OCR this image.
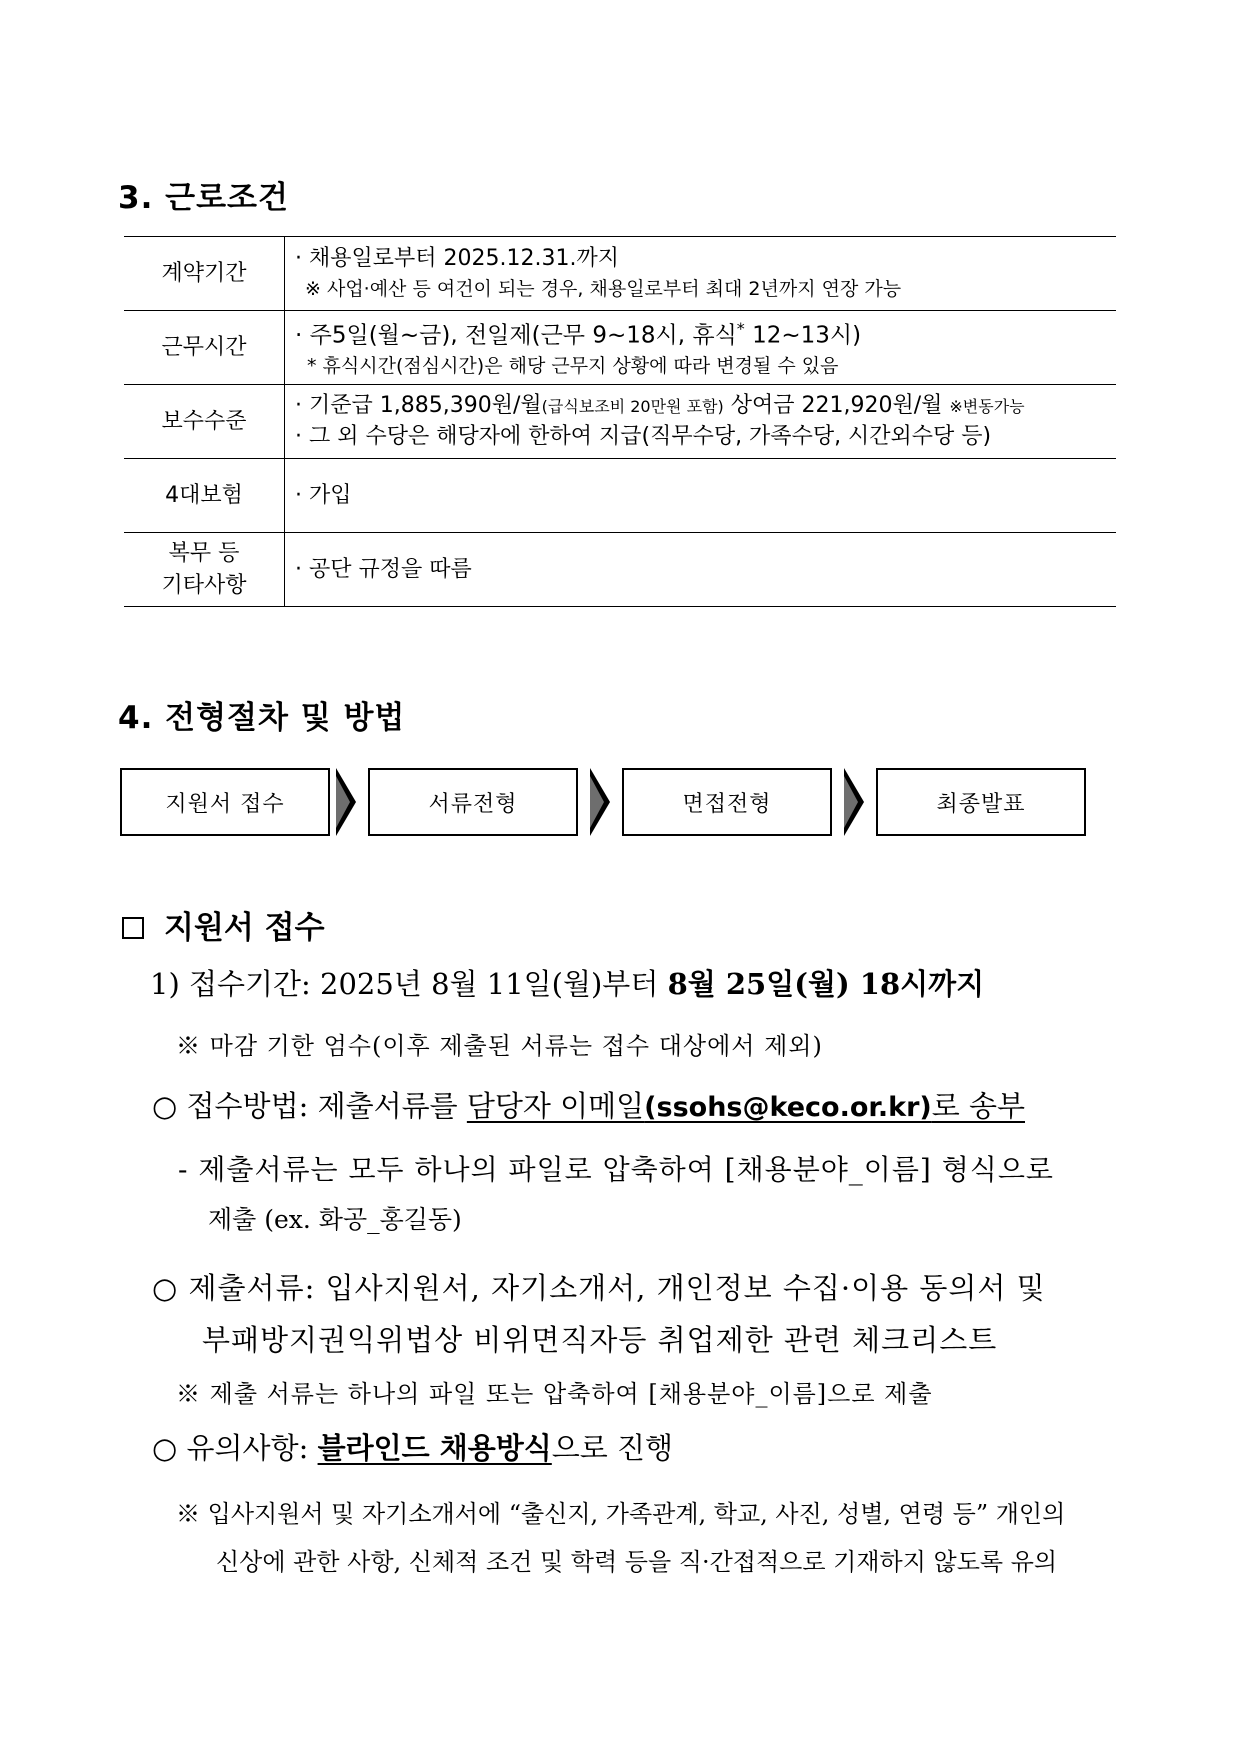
3. 근로조건
계약기간	· 채용일로부터 2025.12.31.까지
※ 사업·예산 등 여건이 되는 경우, 채용일로부터 최대 2년까지 연장 가능

근무시간	· 주5일(월~금), 전일제(근무 9~18시, 휴식* 12~13시)
* 휴식시간(점심시간)은 해당 근무지 상황에 따라 변경될 수 있음

보수수준	· 기준급 1,885,390원/월(급식보조비 20만원 포함) 상여금 221,920원/월 ※변동가능
· 그 외 수당은 해당자에 한하여 지급(직무수당, 가족수당, 시간외수당 등)

4대보험	· 가입

복무 등
기타사항	· 공단 규정을 따름
4. 전형절차 및 방법
지원서 접수	서류전형	면접전형	최종발표
지원서 접수
1) 접수기간: 2025년 8월 11일(월)부터 8월 25일(월) 18시까지
※ 마감 기한 엄수(이후 제출된 서류는 접수 대상에서 제외)
○ 접수방법: 제출서류를 담당자 이메일(ssohs@keco.or.kr)로 송부
- 제출서류는 모두 하나의 파일로 압축하여 [채용분야_이름] 형식으로
제출 (ex. 화공_홍길동)
○ 제출서류: 입사지원서, 자기소개서, 개인정보 수집·이용 동의서 및
부패방지권익위법상 비위면직자등 취업제한 관련 체크리스트
※ 제출 서류는 하나의 파일 또는 압축하여 [채용분야_이름]으로 제출
○ 유의사항: 블라인드 채용방식으로 진행
※ 입사지원서 및 자기소개서에 “출신지, 가족관계, 학교, 사진, 성별, 연령 등” 개인의
신상에 관한 사항, 신체적 조건 및 학력 등을 직·간접적으로 기재하지 않도록 유의
